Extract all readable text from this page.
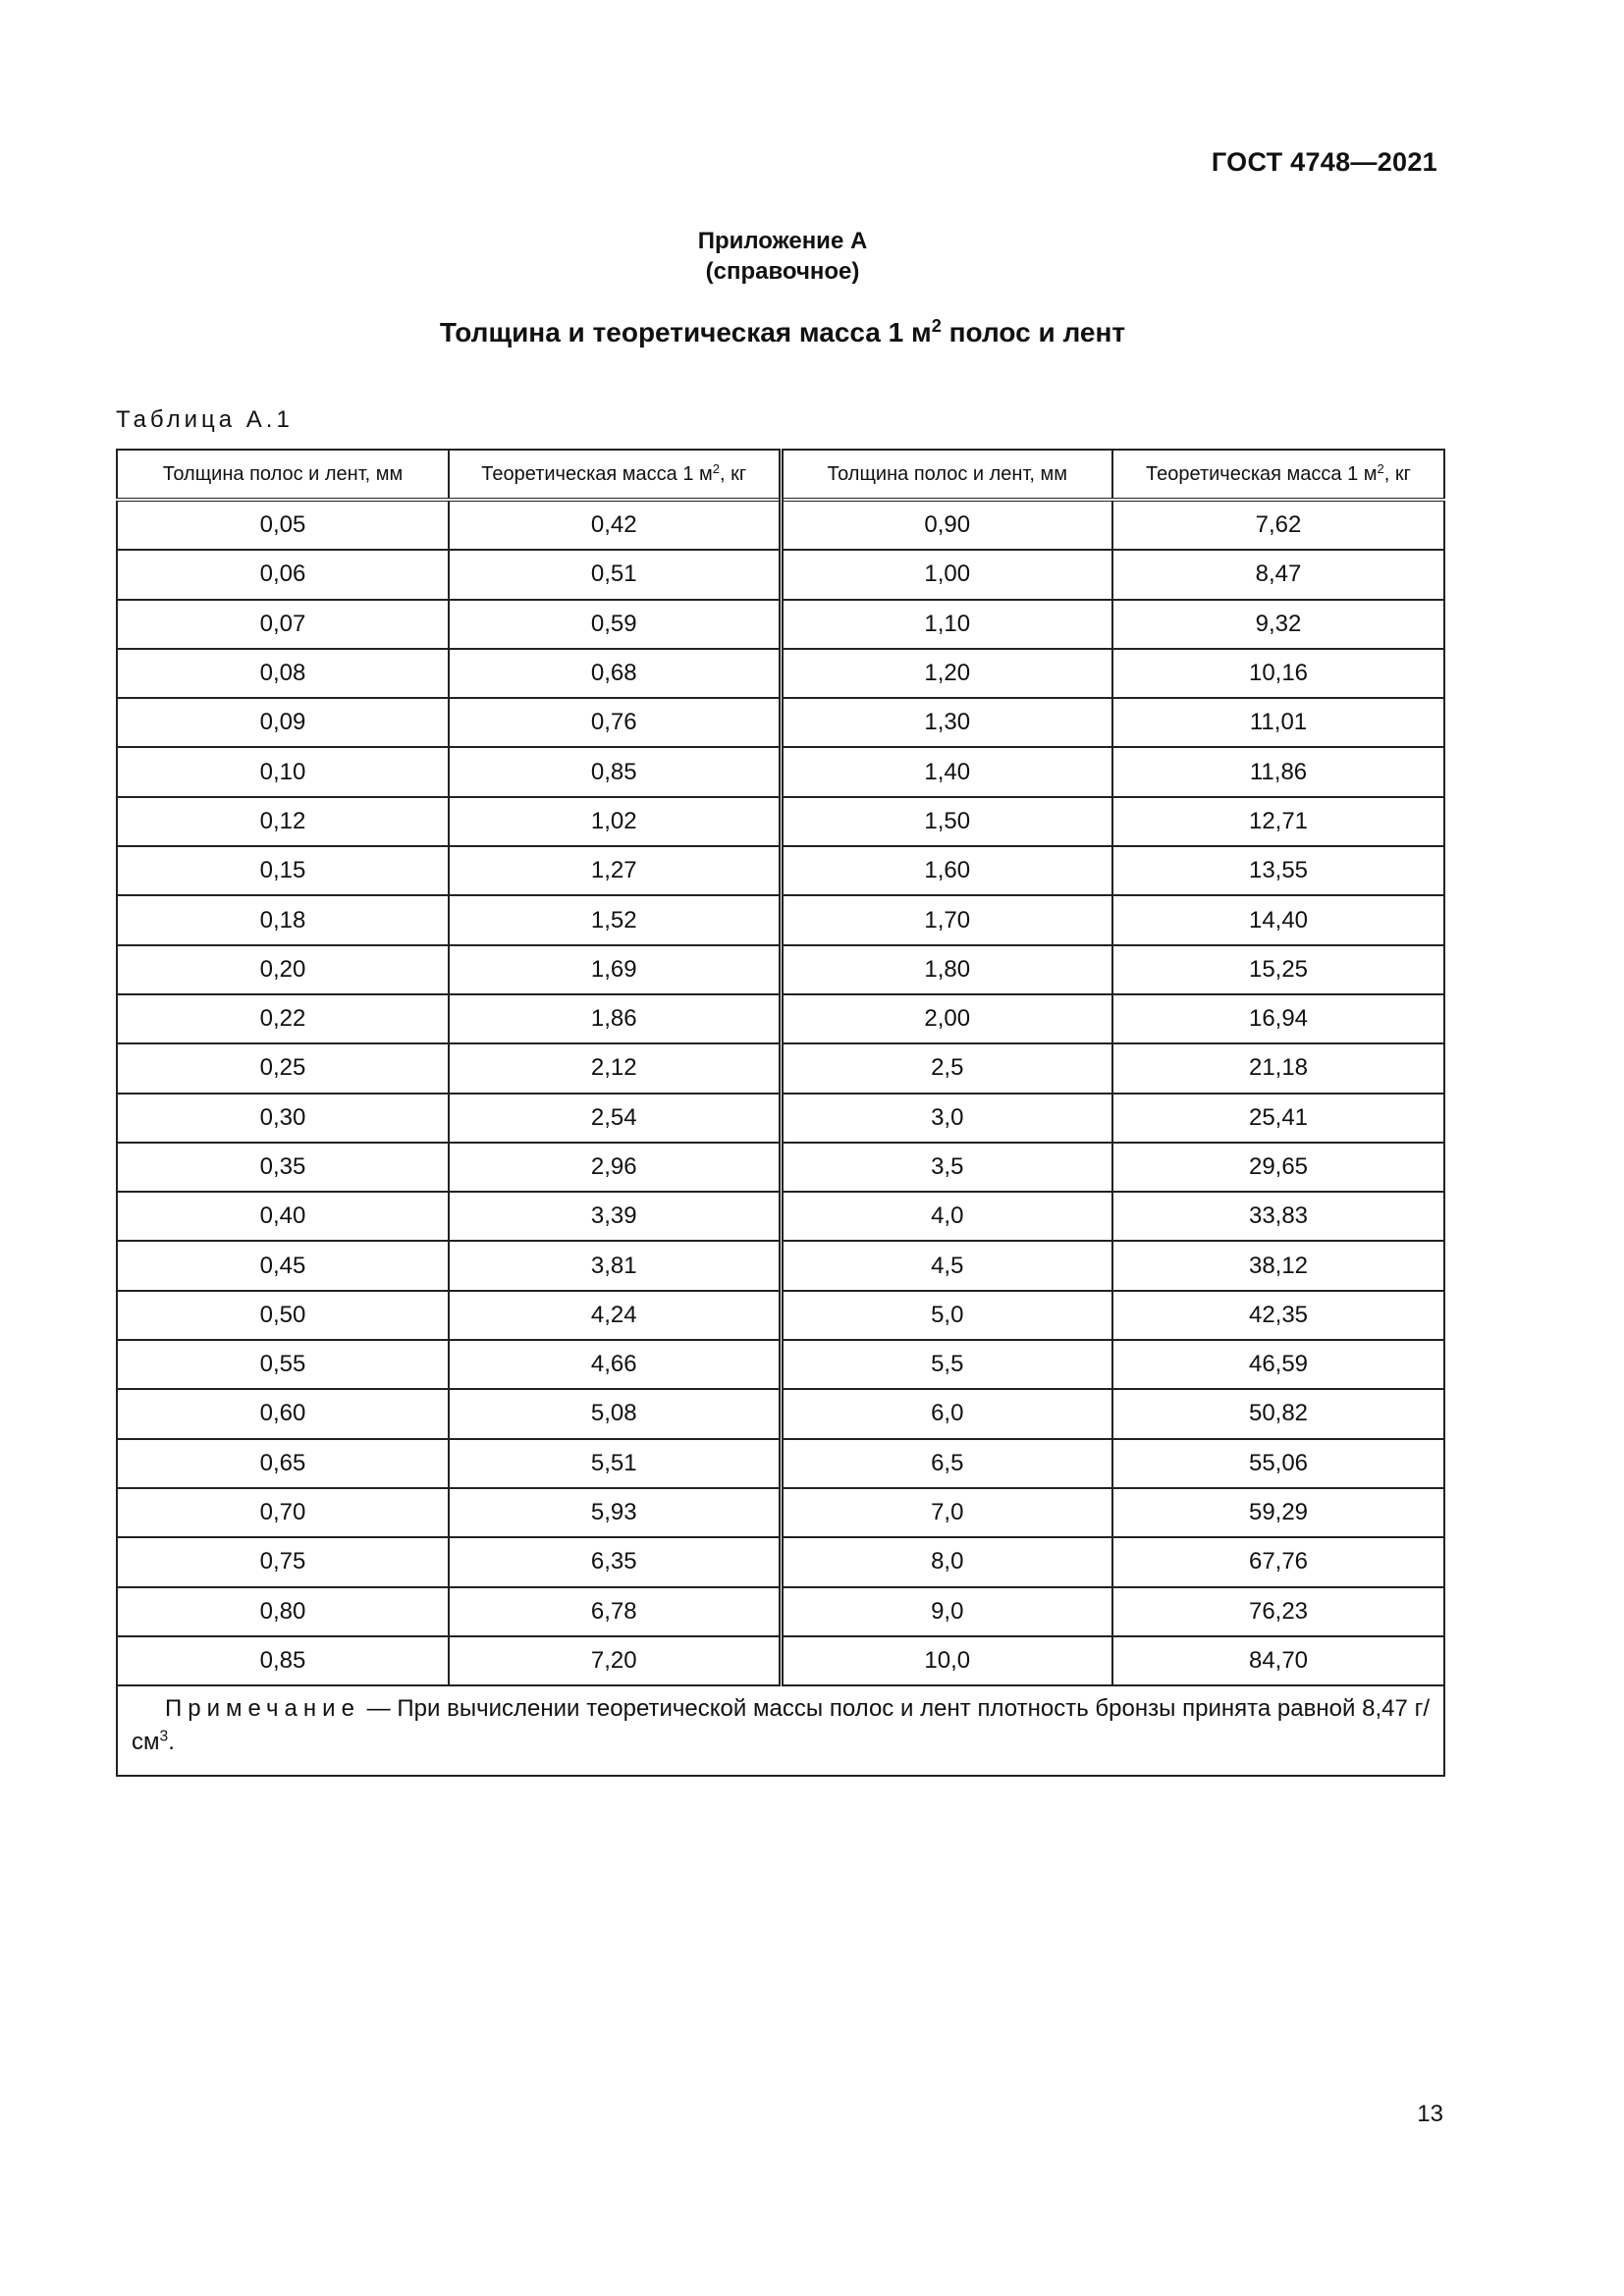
ГОСТ 4748—2021
Приложение А
(справочное)
Толщина и теоретическая масса 1 $м^2$ полос и лент
Таблица А.1
Толщина полос и лент, мм	Теоретическая масса 1 $м^2$, кг	Толщина полос и лент, мм	Теоретическая масса 1 $м^2$, кг
0,05	0,42	0,90	7,62
0,06	0,51	1,00	8,47
0,07	0,59	1,10	9,32
0,08	0,68	1,20	10,16
0,09	0,76	1,30	11,01
0,10	0,85	1,40	11,86
0,12	1,02	1,50	12,71
0,15	1,27	1,60	13,55
0,18	1,52	1,70	14,40
0,20	1,69	1,80	15,25
0,22	1,86	2,00	16,94
0,25	2,12	2,5	21,18
0,30	2,54	3,0	25,41
0,35	2,96	3,5	29,65
0,40	3,39	4,0	33,83
0,45	3,81	4,5	38,12
0,50	4,24	5,0	42,35
0,55	4,66	5,5	46,59
0,60	5,08	6,0	50,82
0,65	5,51	6,5	55,06
0,70	5,93	7,0	59,29
0,75	6,35	8,0	67,76
0,80	6,78	9,0	76,23
0,85	7,20	10,0	84,70
Примечание — При вычислении теоретической массы полос и лент плотность бронзы принята равной 8,47 $г/см^3$.			
13
